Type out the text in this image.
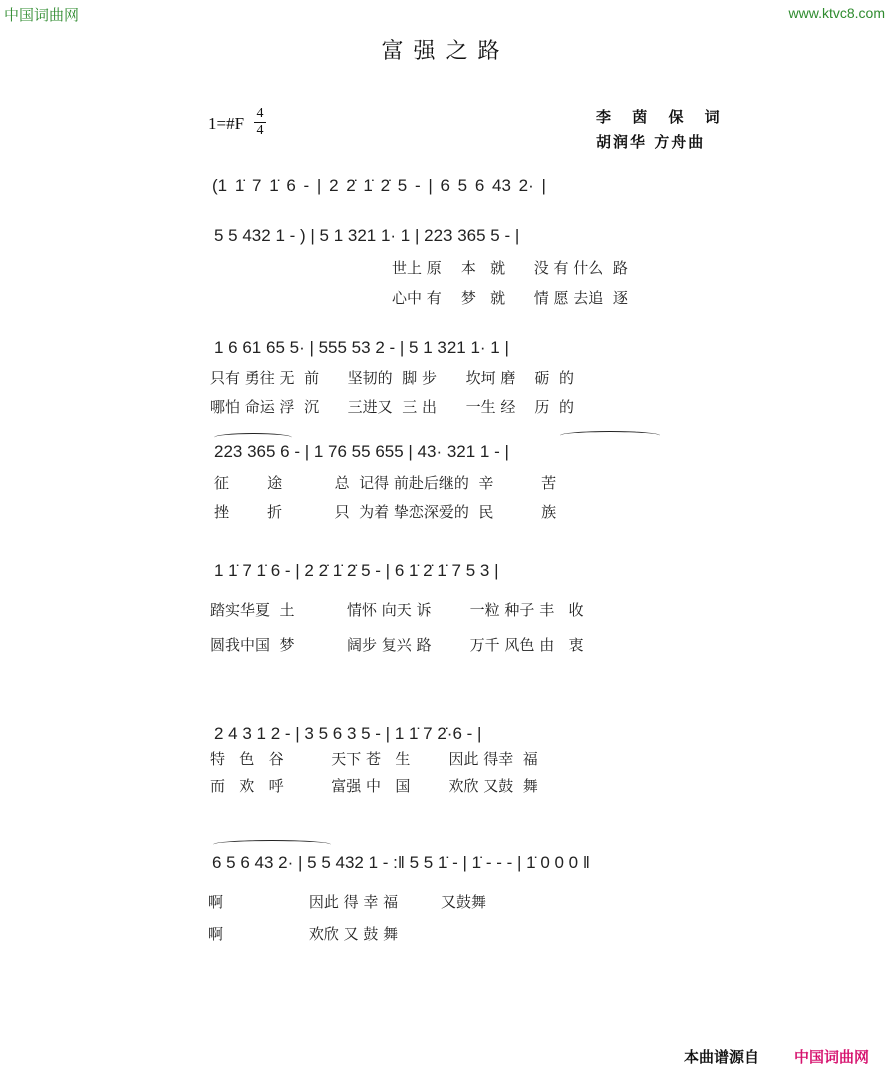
中国词曲网	www.ktvc8.com
富强之路
1=#F
4
4
李 茵 保 词
胡润华 方舟曲
(1 1̇ 7 1̇ 6 - | 2 2̇ 1̇ 2̇ 5 - | 6 5 6 43 2· |
5 5 432 1 - ) | 5 1 321 1· 1 | 223 365 5 - |
世上 原    本   就      没 有 什么  路
心中 有    梦   就      情 愿 去追  逐
1 6 61 65 5· | 555 53 2 - | 5 1 321 1· 1 |
只有 勇往 无  前      坚韧的  脚 步      坎坷 磨    砺  的
哪怕 命运 浮  沉      三进又  三 出      一生 经    历  的
223 365 6 - | 1 76 55 655 | 43· 321 1 - |
征        途           总  记得 前赴后继的  辛          苦
挫        折           只  为着 挚恋深爱的  民          族
1 1̇ 7 1̇ 6 - | 2 2̇ 1̇ 2̇ 5 - | 6 1̇ 2̇ 1̇ 7 5 3 |
踏实华夏  土           情怀 向天 诉        一粒 种子 丰   收
圆我中国  梦           阔步 复兴 路        万千 风色 由   衷
2 4 3 1 2 - | 3 5 6 3 5 - | 1 1̇ 7 2̇·6 - |
特   色   谷          天下 苍   生        因此 得幸  福
而   欢   呼          富强 中   国        欢欣 又鼓  舞
6 5 6 43 2· | 5 5 432 1 - :‖ 5 5 1̇ - | 1̇ - - - | 1̇ 0 0 0 ‖
啊                  因此 得 幸 福         又鼓舞
啊                  欢欣 又 鼓 舞
本曲谱源自 中国词曲网
